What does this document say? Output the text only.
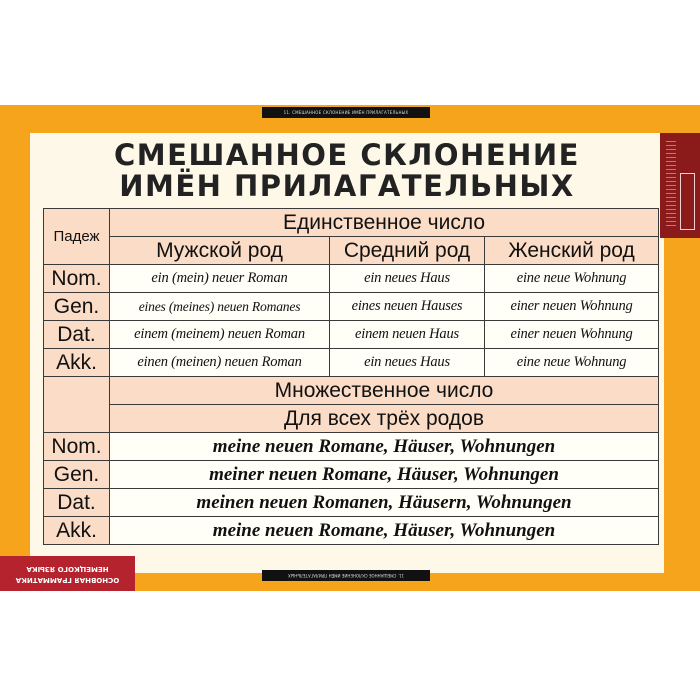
11. СМЕШАННОЕ СКЛОНЕНИЕ ИМЁН ПРИЛАГАТЕЛЬНЫХ
СМЕШАННОЕ СКЛОНЕНИЕ
ИМЁН ПРИЛАГАТЕЛЬНЫХ
Падеж	Единственное число		
	Мужской род	Средний род	Женский род
Nom.	ein (mein) neuer Roman	ein neues Haus	eine neue Wohnung
Gen.	eines (meines) neuen Romanes	eines neuen Hauses	einer neuen Wohnung
Dat.	einem (meinem) neuen Roman	einem neuen Haus	einer neuen Wohnung
Akk.	einen (meinen) neuen Roman	ein neues Haus	eine neue Wohnung
	Множественное число		
	Для всех трёх родов		
Nom.	meine neuen Romane, Häuser, Wohnungen		
Gen.	meiner neuen Romane, Häuser, Wohnungen		
Dat.	meinen neuen Romanen, Häusern, Wohnungen		
Akk.	meine neuen Romane, Häuser, Wohnungen		
11. СМЕШАННОЕ СКЛОНЕНИЕ ИМЁН ПРИЛАГАТЕЛЬНЫХ
ОСНОВНАЯ ГРАММАТИКА
НЕМЕЦКОГО ЯЗЫКА
